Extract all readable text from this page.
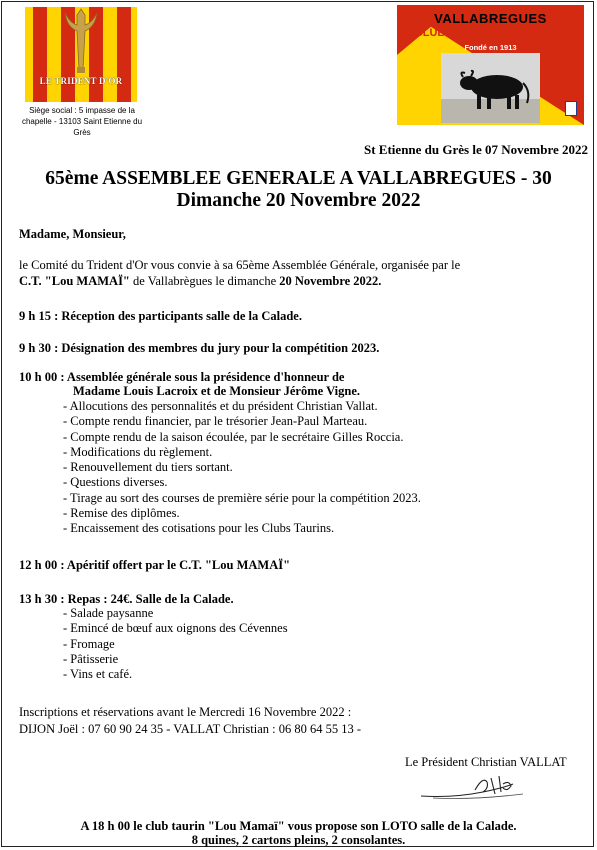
LE TRIDENT D'OR
Siège social : 5 impasse de la
chapelle - 13103 Saint Etienne du
Grès
VALLABREGUES
CLUB TAURIN "LOU MAMAÏ"
Fondé en 1913
St Etienne du Grès le 07 Novembre 2022
65ème ASSEMBLEE GENERALE A VALLABREGUES - 30
Dimanche 20 Novembre 2022
Madame, Monsieur,
le Comité du Trident d'Or vous convie à sa 65ème Assemblée Générale, organisée par le
C.T. "Lou MAMAÏ" de Vallabrègues le dimanche 20 Novembre 2022.
9 h 15 : Réception des participants salle de la Calade.
9 h 30 : Désignation des membres du jury pour la compétition 2023.
10 h 00 : Assemblée générale sous la présidence d'honneur de
Madame Louis Lacroix et de Monsieur Jérôme Vigne.
- Allocutions des personnalités et du président Christian Vallat.
- Compte rendu financier, par le trésorier Jean-Paul Marteau.
- Compte rendu de la saison écoulée, par le secrétaire Gilles Roccia.
- Modifications du règlement.
- Renouvellement du tiers sortant.
- Questions diverses.
- Tirage au sort des courses de première série pour la compétition 2023.
- Remise des diplômes.
- Encaissement des cotisations pour les Clubs Taurins.
12 h 00 : Apéritif offert par le C.T. "Lou MAMAÏ"
13 h 30 : Repas : 24€. Salle de la Calade.
- Salade paysanne
- Emincé de bœuf aux oignons des Cévennes
- Fromage
- Pâtisserie
- Vins et café.
Inscriptions et réservations avant le Mercredi 16 Novembre 2022 :
DIJON Joël : 07 60 90 24 35 - VALLAT Christian : 06 80 64 55 13 -
Le Président Christian VALLAT
A 18 h 00 le club taurin "Lou Mamaï" vous propose son LOTO salle de la Calade.
8 quines, 2 cartons pleins, 2 consolantes.
